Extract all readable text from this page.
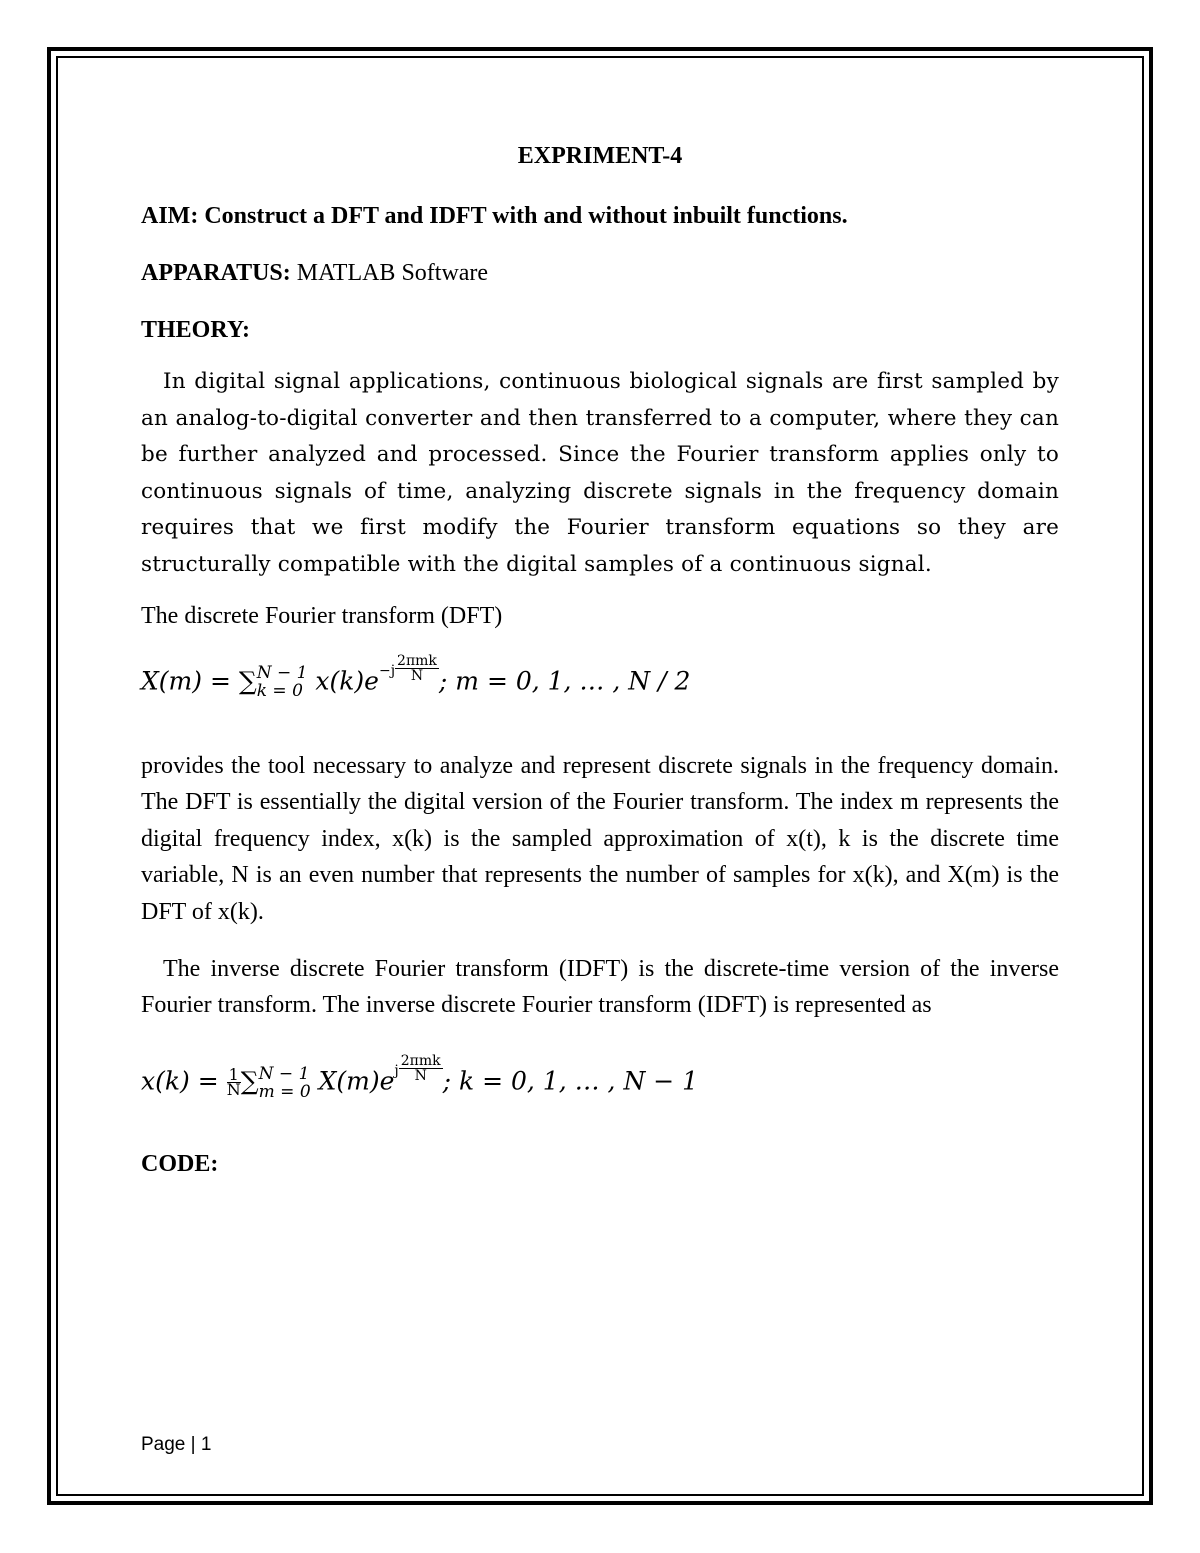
EXPRIMENT-4
AIM: Construct a DFT and IDFT with and without inbuilt functions.
APPARATUS: MATLAB Software
THEORY:
In digital signal applications, continuous biological signals are first sampled by an analog-to-digital converter and then transferred to a computer, where they can be further analyzed and processed. Since the Fourier transform applies only to continuous signals of time, analyzing discrete signals in the frequency domain requires that we first modify the Fourier transform equations so they are structurally compatible with the digital samples of a continuous signal.
The discrete Fourier transform (DFT)
X(m) = ∑ N − 1
k = 0 $x(k)e^{-j} \frac{\text{2πmk}}{N}$ ; m = 0, 1, … , N / 2
provides the tool necessary to analyze and represent discrete signals in the frequency domain. The DFT is essentially the digital version of the Fourier transform. The index m represents the digital frequency index, x(k) is the sampled approximation of x(t), k is the discrete time variable, N is an even number that represents the number of samples for x(k), and X(m) is the DFT of x(k).
The inverse discrete Fourier transform (IDFT) is the discrete-time version of the inverse Fourier transform. The inverse discrete Fourier transform (IDFT) is represented as
$x(k) = \frac{1}{N}$ ∑ N − 1
m = 0 $X(m)e^j \frac{\text{2πmk}}{N}$ ; k = 0, 1, … , N − 1
CODE:
Page | 1
